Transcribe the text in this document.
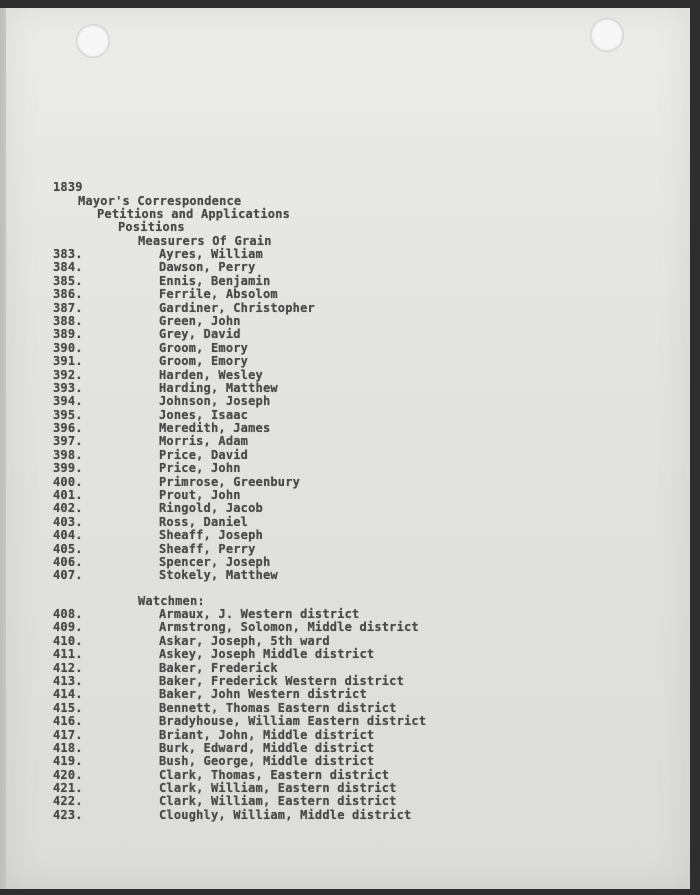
1839
Mayor's Correspondence
Petitions and Applications
Positions
Measurers Of Grain
383.	Ayres, William
384.	Dawson, Perry
385.	Ennis, Benjamin
386.	Ferrile, Absolom
387.	Gardiner, Christopher
388.	Green, John
389.	Grey, David
390.	Groom, Emory
391.	Groom, Emory
392.	Harden, Wesley
393.	Harding, Matthew
394.	Johnson, Joseph
395.	Jones, Isaac
396.	Meredith, James
397.	Morris, Adam
398.	Price, David
399.	Price, John
400.	Primrose, Greenbury
401.	Prout, John
402.	Ringold, Jacob
403.	Ross, Daniel
404.	Sheaff, Joseph
405.	Sheaff, Perry
406.	Spencer, Joseph
407.	Stokely, Matthew
Watchmen:
408.	Armaux, J. Western district
409.	Armstrong, Solomon, Middle district
410.	Askar, Joseph, 5th ward
411.	Askey, Joseph Middle district
412.	Baker, Frederick
413.	Baker, Frederick Western district
414.	Baker, John Western district
415.	Bennett, Thomas Eastern district
416.	Bradyhouse, William Eastern district
417.	Briant, John, Middle district
418.	Burk, Edward, Middle district
419.	Bush, George, Middle district
420.	Clark, Thomas, Eastern district
421.	Clark, William, Eastern district
422.	Clark, William, Eastern district
423.	Cloughly, William, Middle district
